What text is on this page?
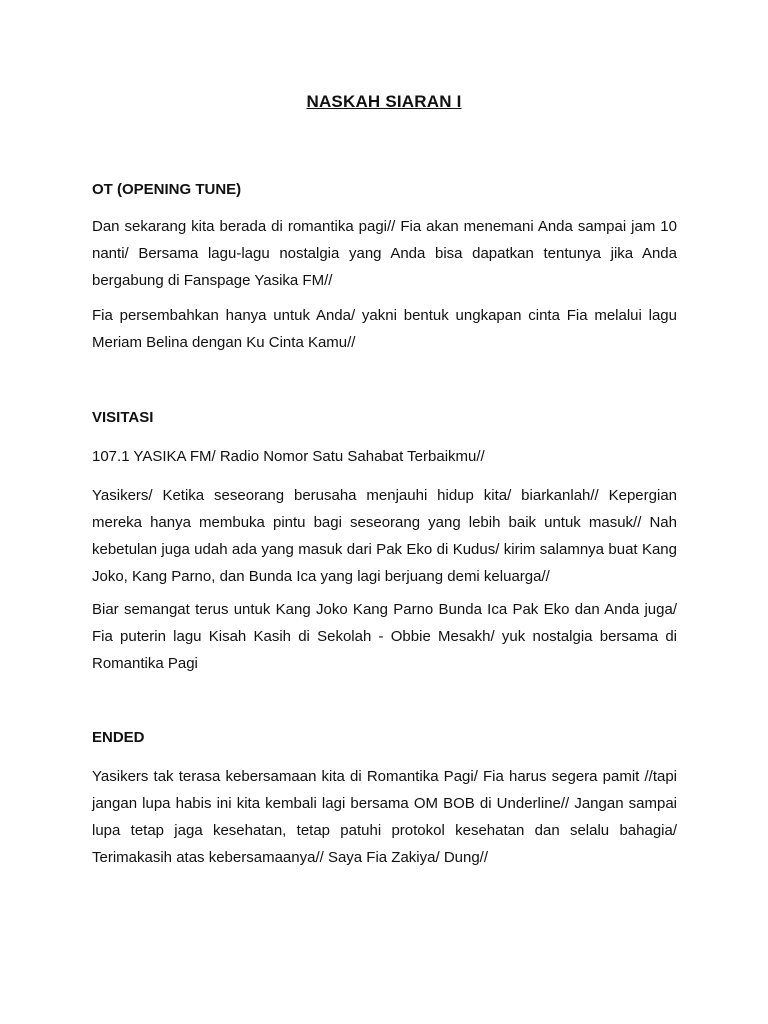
NASKAH SIARAN I

OT (OPENING TUNE)

Dan sekarang kita berada di romantika pagi// Fia akan menemani Anda sampai jam 10 nanti/ Bersama lagu-lagu nostalgia yang Anda bisa dapatkan tentunya jika Anda bergabung di Fanspage Yasika FM//

Fia persembahkan hanya untuk Anda/ yakni bentuk ungkapan cinta Fia melalui lagu Meriam Belina dengan Ku Cinta Kamu//

VISITASI

107.1 YASIKA FM/ Radio Nomor Satu Sahabat Terbaikmu//

Yasikers/ Ketika seseorang berusaha menjauhi hidup kita/ biarkanlah// Kepergian mereka hanya membuka pintu bagi seseorang yang lebih baik untuk masuk// Nah kebetulan juga udah ada yang masuk dari Pak Eko di Kudus/ kirim salamnya buat Kang Joko, Kang Parno, dan Bunda Ica yang lagi berjuang demi keluarga//

Biar semangat terus untuk Kang Joko Kang Parno Bunda Ica Pak Eko dan Anda juga/ Fia puterin lagu Kisah Kasih di Sekolah - Obbie Mesakh/ yuk nostalgia bersama di Romantika Pagi

ENDED

Yasikers tak terasa kebersamaan kita di Romantika Pagi/ Fia harus segera pamit //tapi jangan lupa habis ini kita kembali lagi bersama OM BOB di Underline// Jangan sampai lupa tetap jaga kesehatan, tetap patuhi protokol kesehatan dan selalu bahagia/ Terimakasih atas kebersamaanya// Saya Fia Zakiya/ Dung//
